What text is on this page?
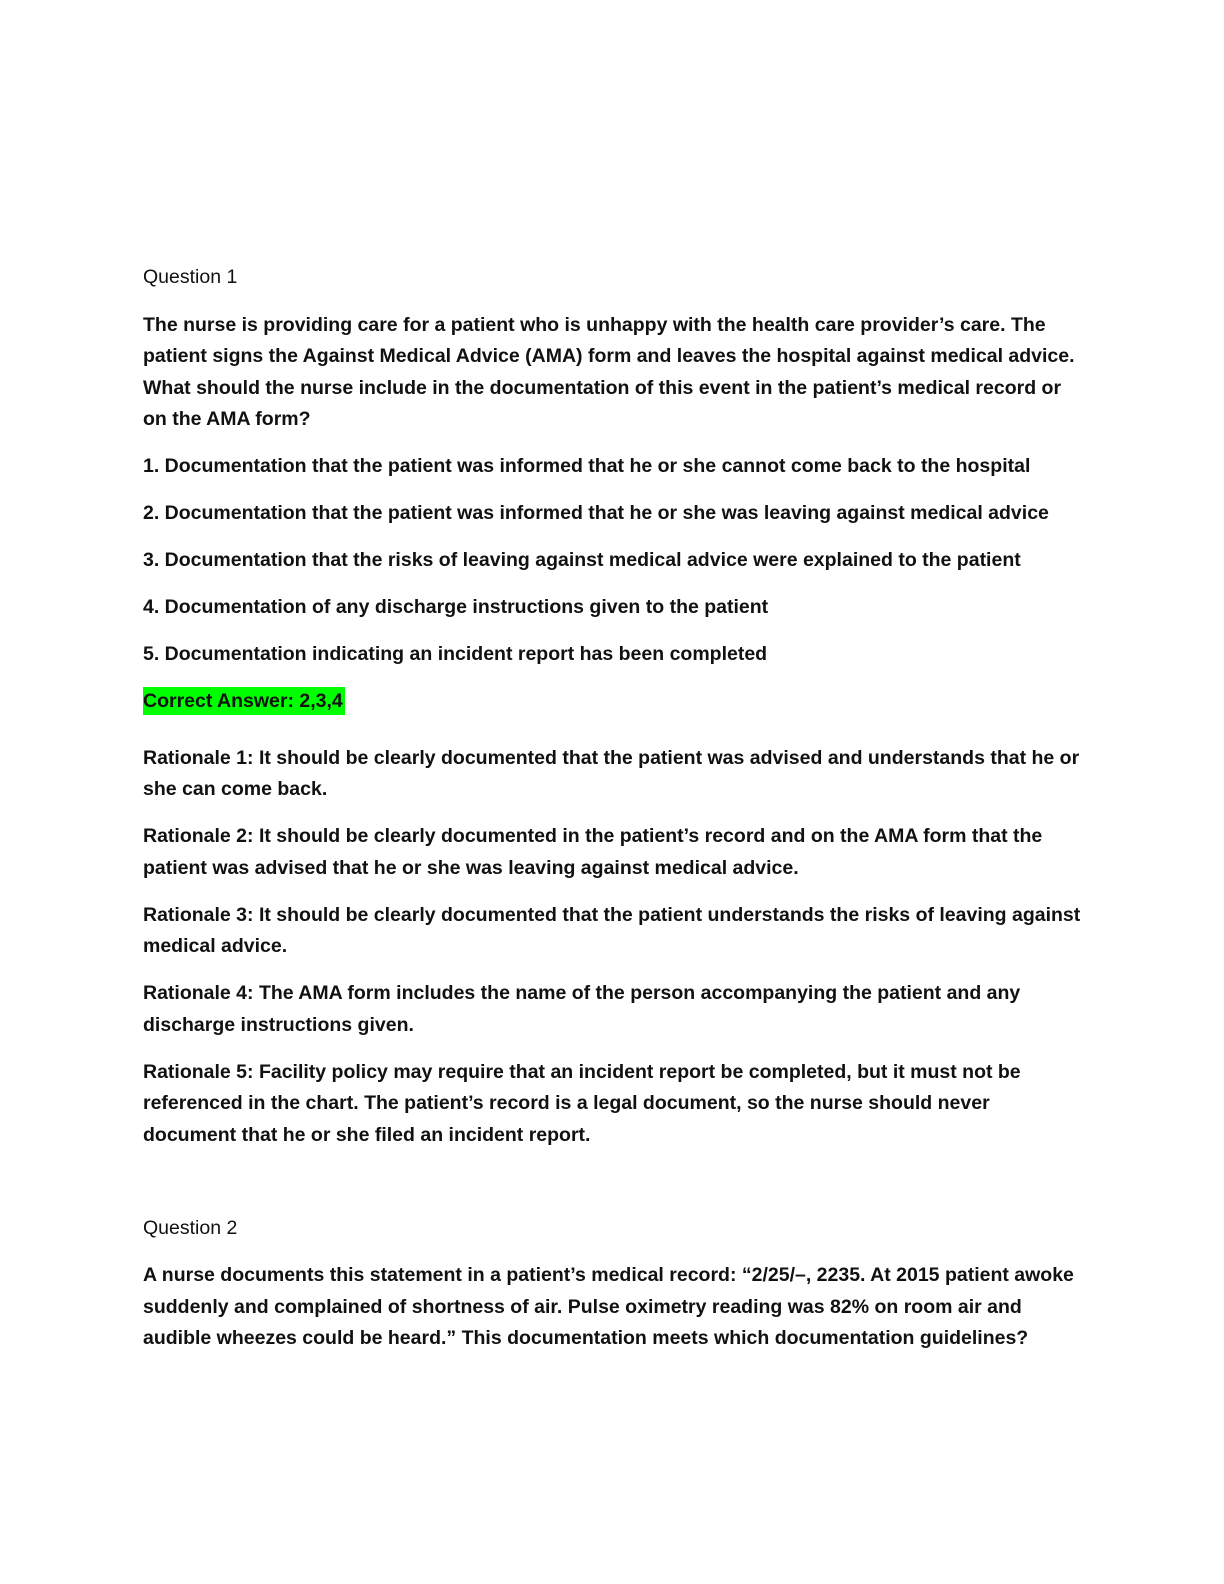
Question 1
The nurse is providing care for a patient who is unhappy with the health care provider’s care. The patient signs the Against Medical Advice (AMA) form and leaves the hospital against medical advice. What should the nurse include in the documentation of this event in the patient’s medical record or on the AMA form?
1. Documentation that the patient was informed that he or she cannot come back to the hospital
2. Documentation that the patient was informed that he or she was leaving against medical advice
3. Documentation that the risks of leaving against medical advice were explained to the patient
4. Documentation of any discharge instructions given to the patient
5. Documentation indicating an incident report has been completed
Correct Answer: 2,3,4
Rationale 1: It should be clearly documented that the patient was advised and understands that he or she can come back.
Rationale 2: It should be clearly documented in the patient’s record and on the AMA form that the patient was advised that he or she was leaving against medical advice.
Rationale 3: It should be clearly documented that the patient understands the risks of leaving against medical advice.
Rationale 4: The AMA form includes the name of the person accompanying the patient and any discharge instructions given.
Rationale 5: Facility policy may require that an incident report be completed, but it must not be referenced in the chart. The patient’s record is a legal document, so the nurse should never document that he or she filed an incident report.
Question 2
A nurse documents this statement in a patient’s medical record: “2/25/–, 2235. At 2015 patient awoke suddenly and complained of shortness of air. Pulse oximetry reading was 82% on room air and audible wheezes could be heard.” This documentation meets which documentation guidelines?
